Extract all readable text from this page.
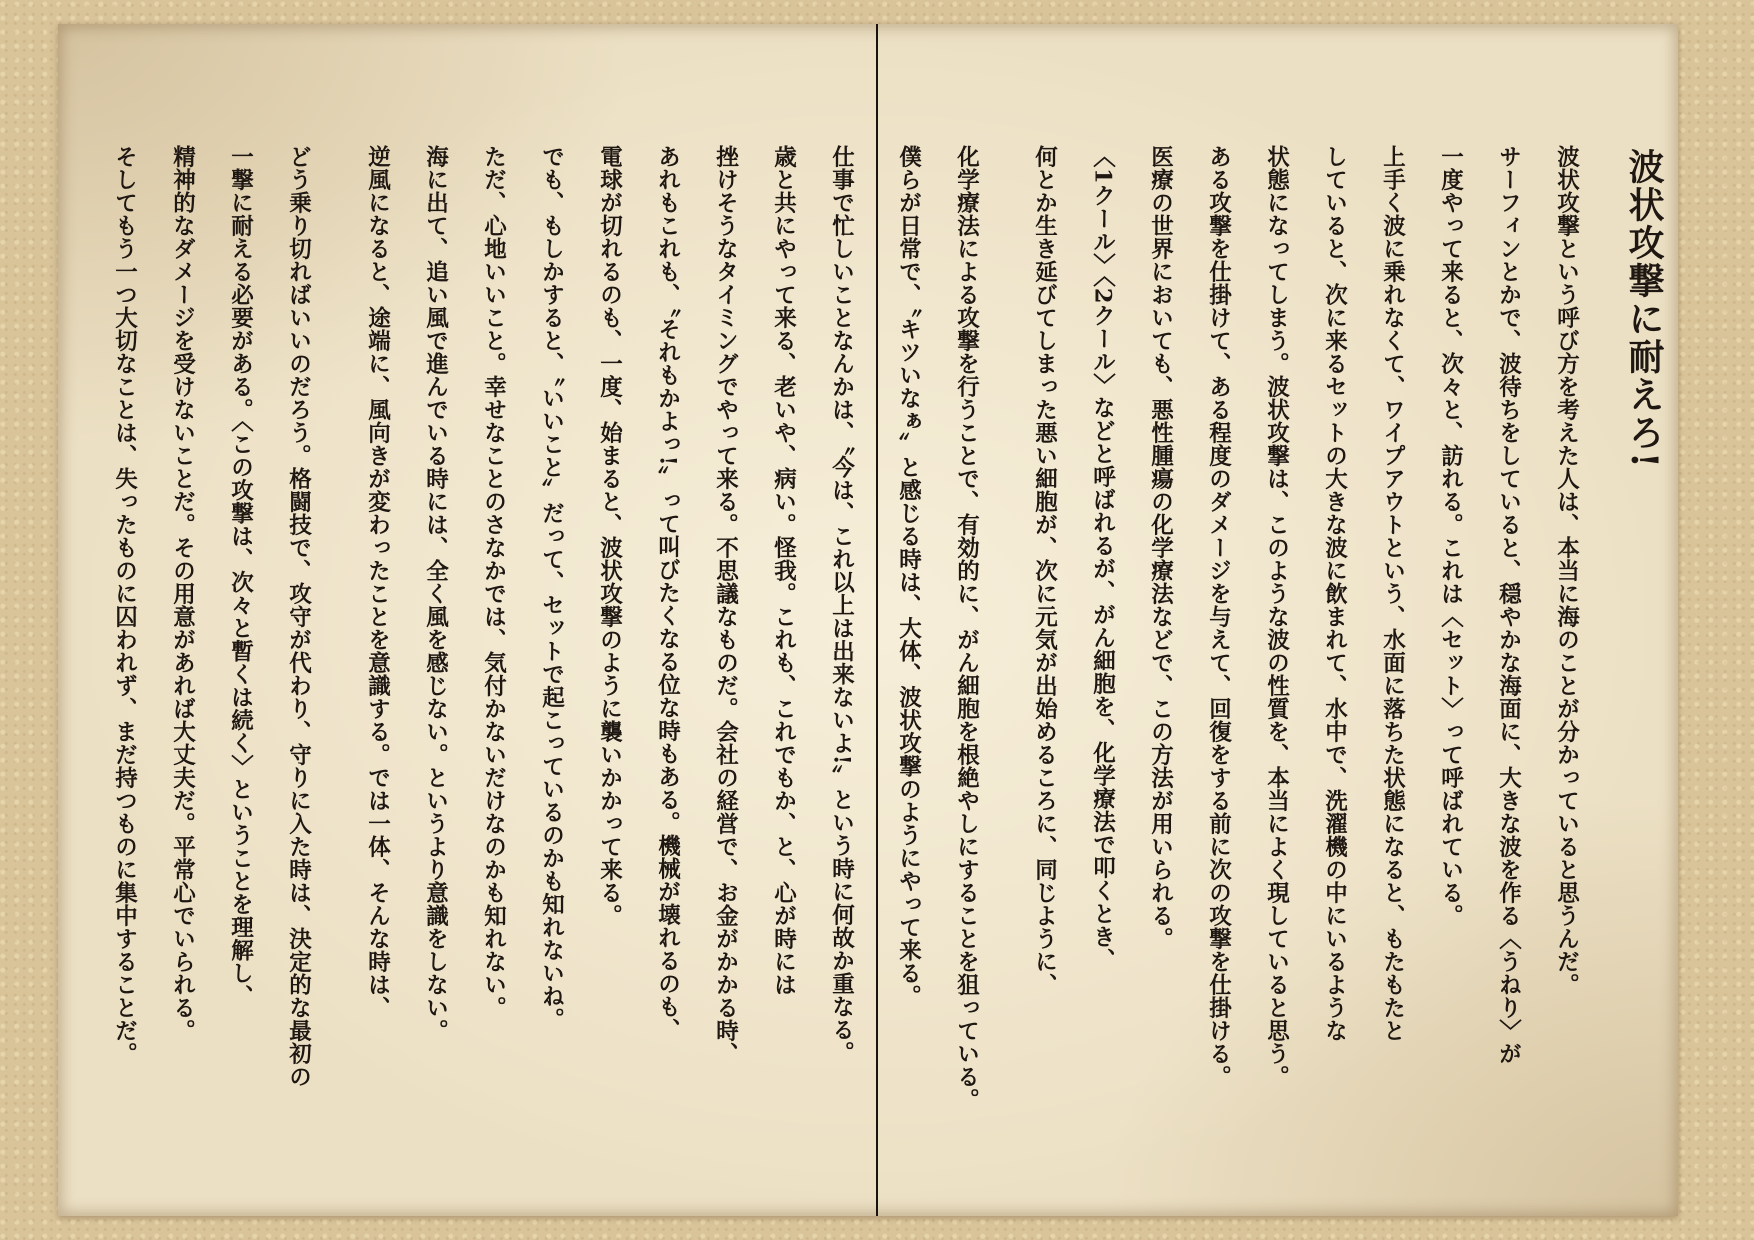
波状攻撃に耐えろ!

波状攻撃という呼び方を考えた人は、本当に海のことが分かっていると思うんだ。

サーフィンとかで、波待ちをしていると、穏やかな海面に、大きな波を作る〈うねり〉が

一度やって来ると、次々と、訪れる。これは〈セット〉って呼ばれている。

上手く波に乗れなくて、ワイプアウトという、水面に落ちた状態になると、もたもたと

していると、次に来るセットの大きな波に飲まれて、水中で、洗濯機の中にいるような

状態になってしまう。波状攻撃は、このような波の性質を、本当によく現していると思う。

ある攻撃を仕掛けて、ある程度のダメージを与えて、回復をする前に次の攻撃を仕掛ける。

医療の世界においても、悪性腫瘍の化学療法などで、この方法が用いられる。

〈1クール〉〈2クール〉などと呼ばれるが、がん細胞を、化学療法で叩くとき、

何とか生き延びてしまった悪い細胞が、次に元気が出始めるころに、同じように、

化学療法による攻撃を行うことで、有効的に、がん細胞を根絶やしにすることを狙っている。

僕らが日常で、〝キツいなぁ〟と感じる時は、大体、波状攻撃のようにやって来る。

仕事で忙しいことなんかは、〝今は、これ以上は出来ないよ!〟という時に何故か重なる。

歳と共にやって来る、老いや、病い。怪我。これも、これでもか、と、心が時には

挫けそうなタイミングでやって来る。不思議なものだ。会社の経営で、お金がかかる時、

あれもこれも、〝それもかよっ!〟って叫びたくなる位な時もある。機械が壊れるのも、

電球が切れるのも、一度、始まると、波状攻撃のように襲いかかって来る。

でも、もしかすると、〝いいこと〟だって、セットで起こっているのかも知れないね。

ただ、心地いいこと。幸せなことのさなかでは、気付かないだけなのかも知れない。

海に出て、追い風で進んでいる時には、全く風を感じない。というより意識をしない。

逆風になると、途端に、風向きが変わったことを意識する。では一体、そんな時は、

どう乗り切ればいいのだろう。格闘技で、攻守が代わり、守りに入た時は、決定的な最初の

一撃に耐える必要がある。〈この攻撃は、次々と暫くは続く〉ということを理解し、

精神的なダメージを受けないことだ。その用意があれば大丈夫だ。平常心でいられる。

そしてもう一つ大切なことは、失ったものに囚われず、まだ持つものに集中することだ。
